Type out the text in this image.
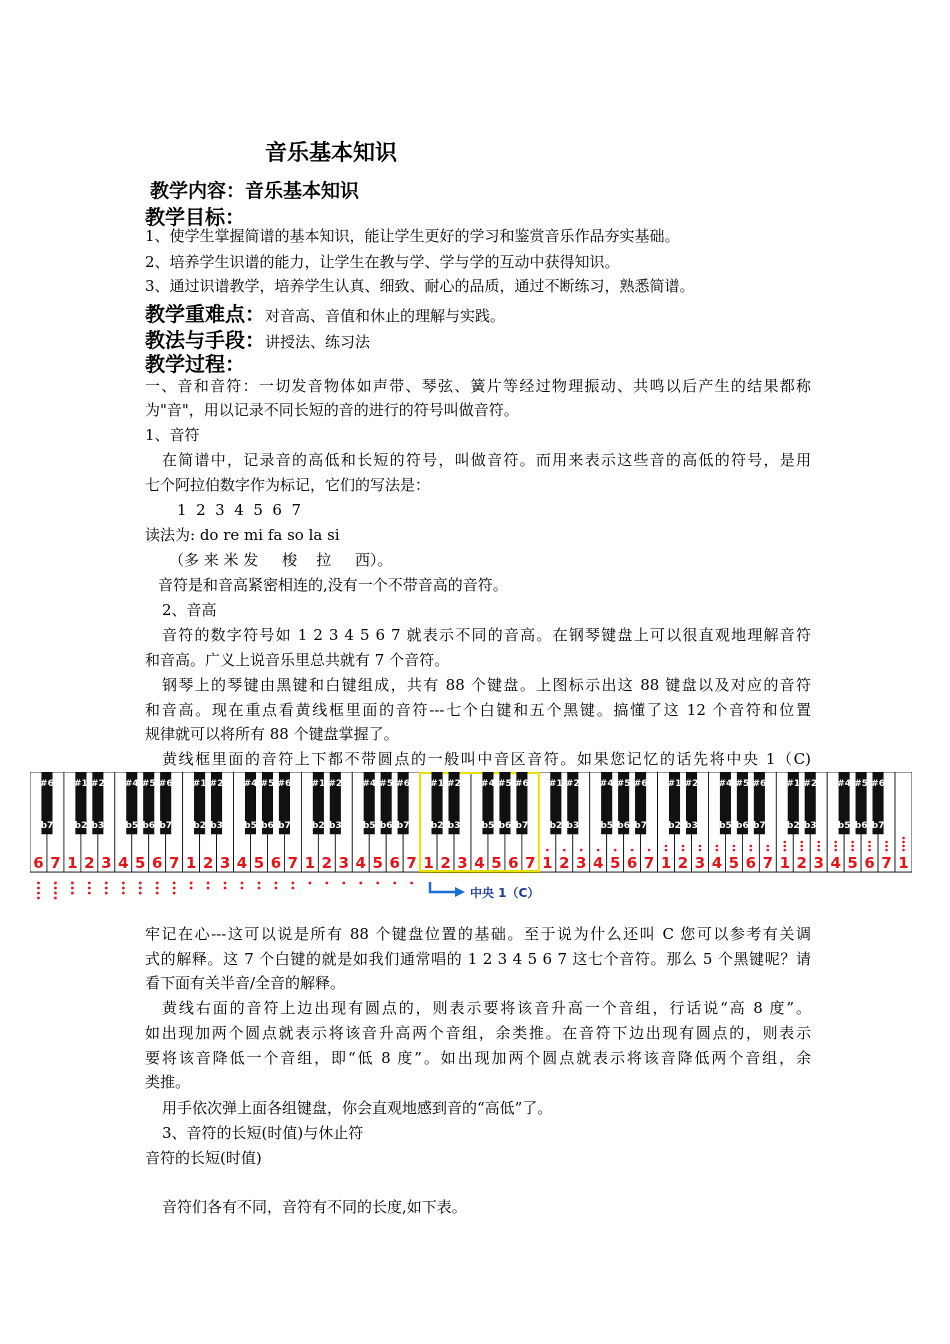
音乐基本知识
教学内容：音乐基本知识
教学目标：
1、使学生掌握简谱的基本知识，能让学生更好的学习和鉴赏音乐作品夯实基础。
2、培养学生识谱的能力，让学生在教与学、学与学的互动中获得知识。
3、通过识谱教学，培养学生认真、细致、耐心的品质，通过不断练习，熟悉简谱。
教学重难点：对音高、音值和休止的理解与实践。
教法与手段：讲授法、练习法
教学过程：
一、音和音符：一切发音物体如声带、琴弦、簧片等经过物理振动、共鸣以后产生的结果都称
为"音"，用以记录不同长短的音的进行的符号叫做音符。
1、音符
在简谱中，记录音的高低和长短的符号，叫做音符。而用来表示这些音的高低的符号，是用
七个阿拉伯数字作为标记，它们的写法是：
1  2  3  4  5  6  7
读法为: do re mi fa so la si
（多 来 米 发     梭    拉     西）。
音符是和音高紧密相连的,没有一个不带音高的音符。
2、音高
音符的数字符号如 1 2 3 4 5 6 7 就表示不同的音高。在钢琴键盘上可以很直观地理解音符
和音高。广义上说音乐里总共就有 7 个音符。
钢琴上的琴键由黑键和白键组成，共有 88 个键盘。上图标示出这 88 键盘以及对应的音符
和音高。现在重点看黄线框里面的音符---七个白键和五个黑键。搞懂了这 12 个音符和位置
规律就可以将所有 88 个键盘掌握了。
黄线框里面的音符上下都不带圆点的一般叫中音区音符。如果您记忆的话先将中央 1（C)
6 7 1 2 3 4 5 6 7 1 2 3 4 5 6 7 1 2 3 4 5 6 7 1 2 3 4 5 6 7 1 2 3 4 5 6 7 1 2 3 4 5 6 7 1 2 3 4 5 6 7 1
#6
b7
#1
b2
#2
b3
#4
b5
#5
b6
#6
b7
#1
b2
#2
b3
#4
b5
#5
b6
#6
b7
#1
b2
#2
b3
#4
b5
#5
b6
#6
b7
#1
b2
#2
b3
#4
b5
#5
b6
#6
b7
#1
b2
#2
b3
#4
b5
#5
b6
#6
b7
#1
b2
#2
b3
#4
b5
#5
b6
#6
b7
#1
b2
#2
b3
#4
b5
#5
b6
#6
b7
中央 1（C）
牢记在心---这可以说是所有 88 个键盘位置的基础。至于说为什么还叫 C 您可以参考有关调
式的解释。这 7 个白键的就是如我们通常唱的 1 2 3 4 5 6 7 这七个音符。那么 5 个黑键呢？请
看下面有关半音/全音的解释。
黄线右面的音符上边出现有圆点的，则表示要将该音升高一个音组，行话说“高 8 度”。
如出现加两个圆点就表示将该音升高两个音组，余类推。在音符下边出现有圆点的，则表示
要将该音降低一个音组，即“低 8 度”。如出现加两个圆点就表示将该音降低两个音组，余
类推。
用手依次弹上面各组键盘，你会直观地感到音的“高低”了。
3、音符的长短(时值)与休止符
音符的长短(时值)
音符们各有不同，音符有不同的长度,如下表。
